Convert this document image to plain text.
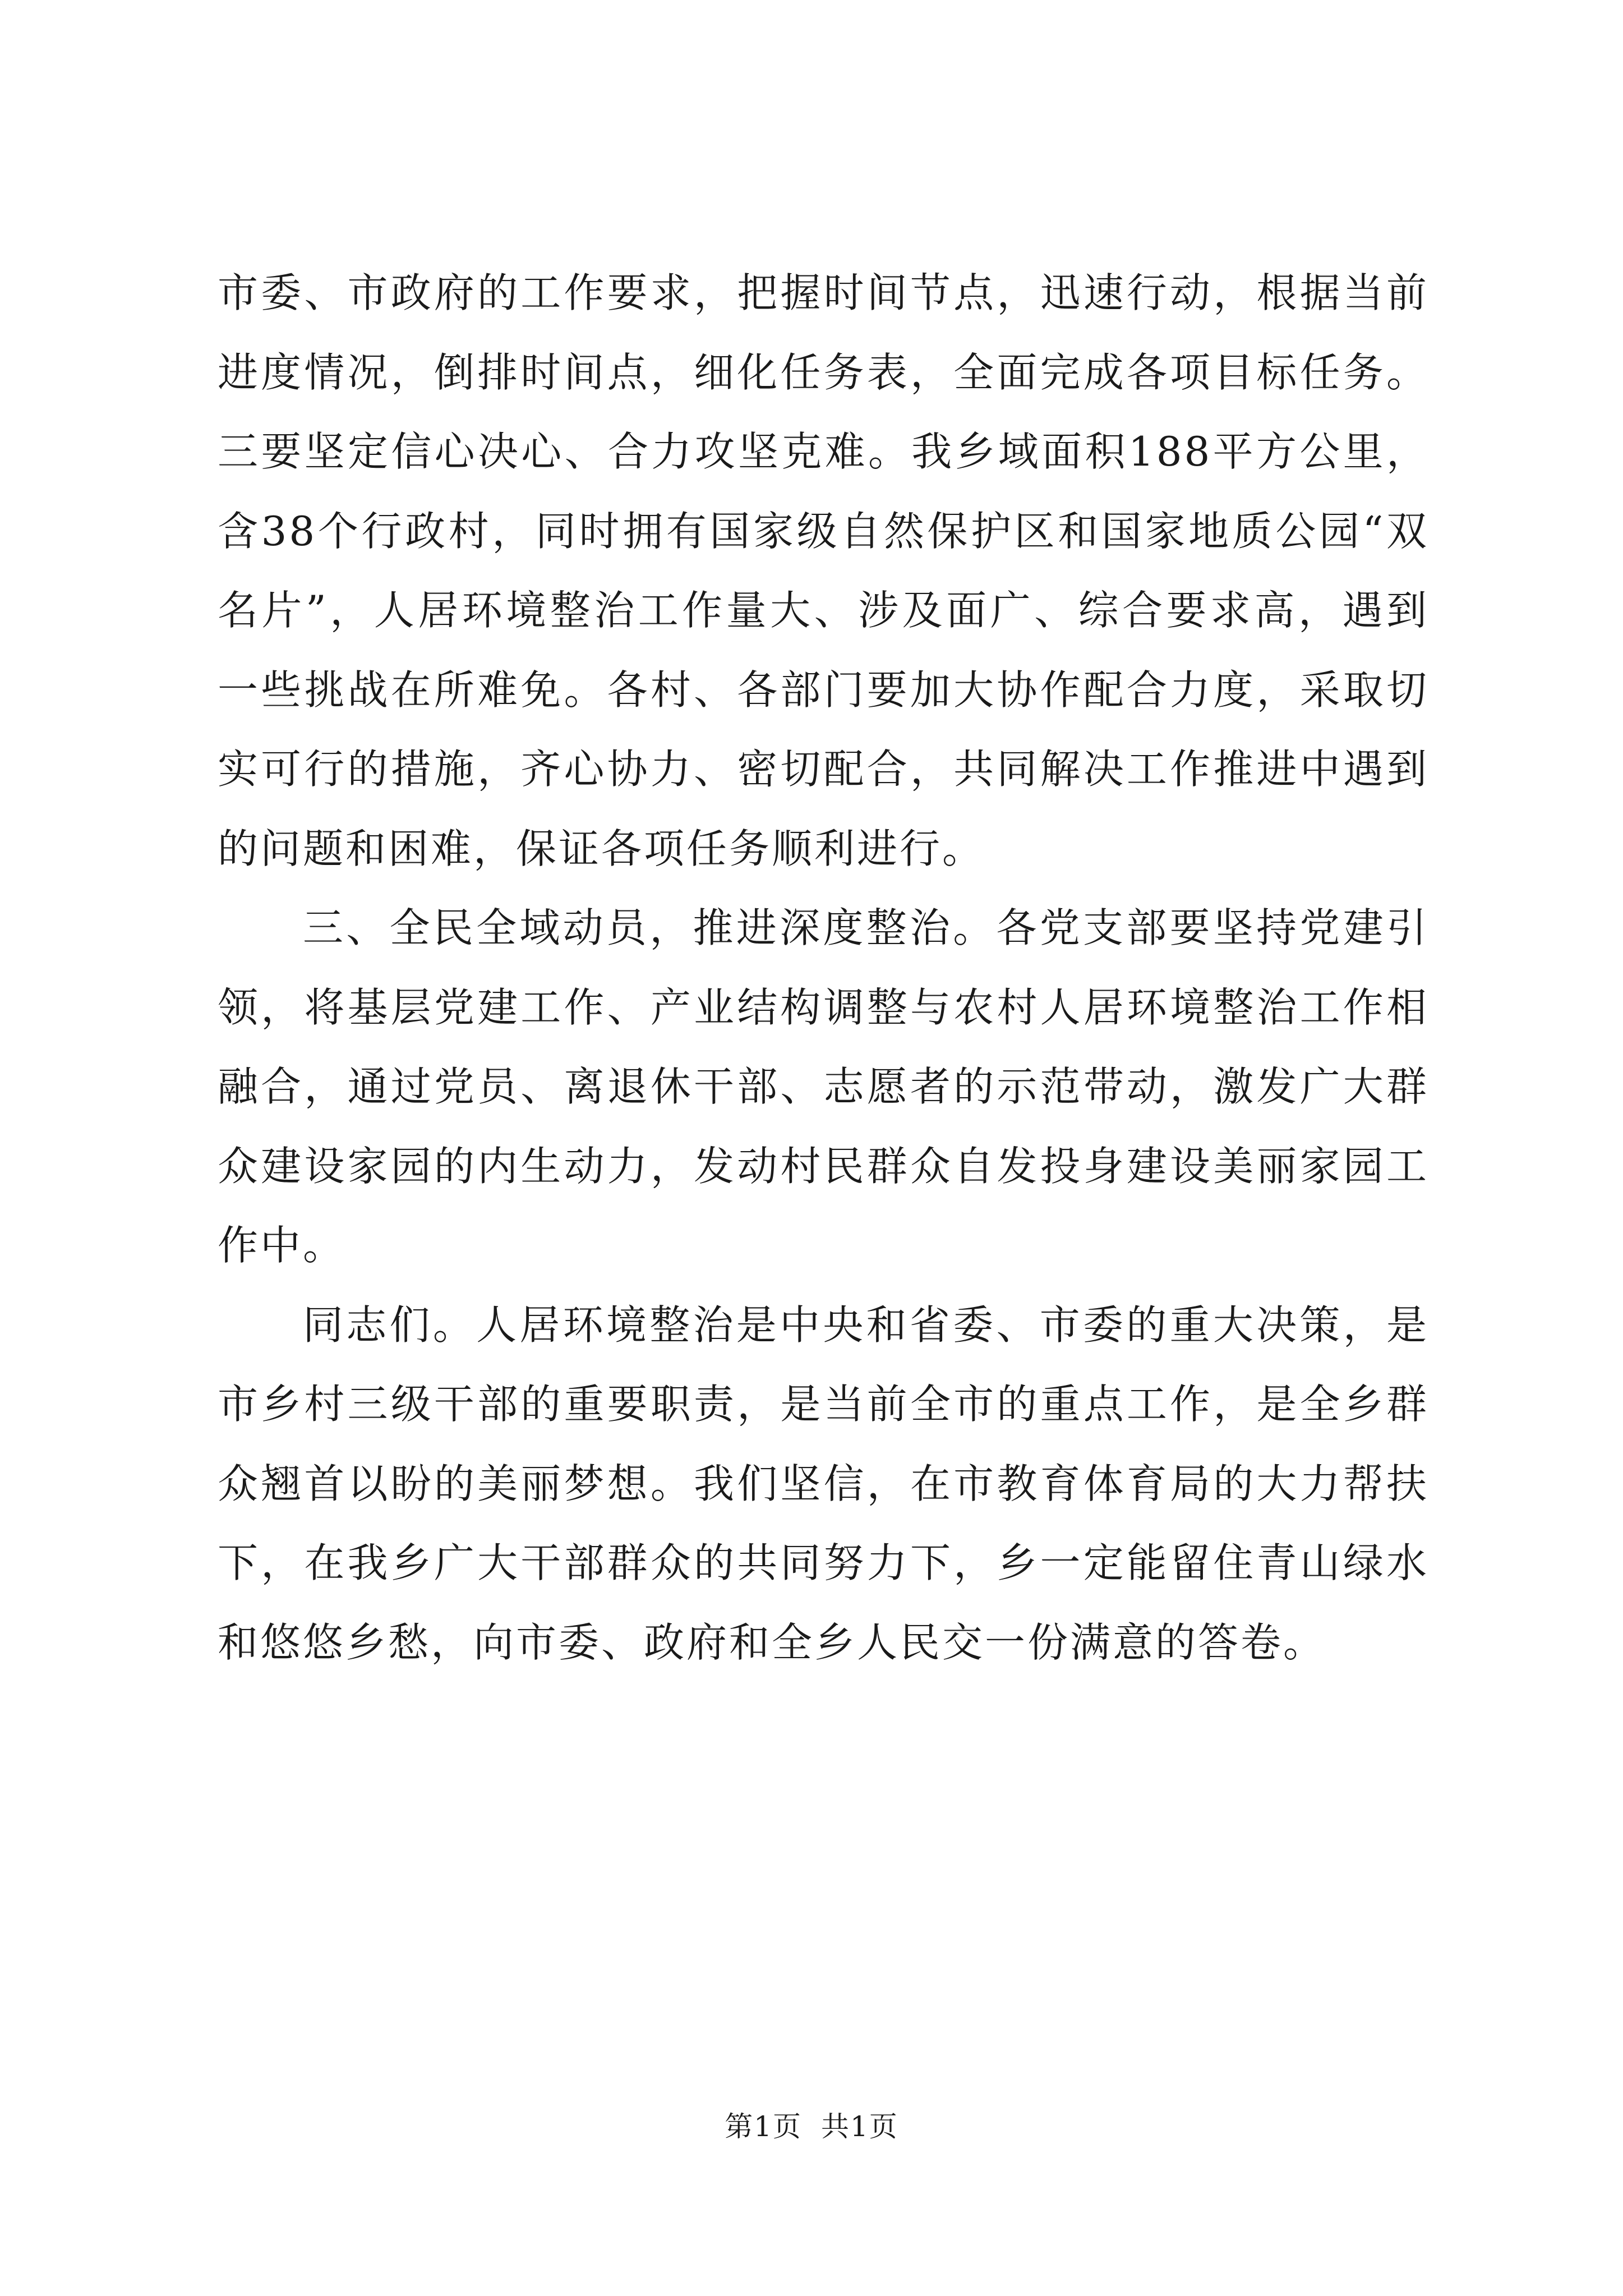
市委、市政府的工作要求，把握时间节点，迅速行动，根据当前进度情况，倒排时间点，细化任务表，全面完成各项目标任务。三要坚定信心决心、合力攻坚克难。我乡域面积188平方公里，含38个行政村，同时拥有国家级自然保护区和国家地质公园“双名片”，人居环境整治工作量大、涉及面广、综合要求高，遇到一些挑战在所难免。各村、各部门要加大协作配合力度，采取切实可行的措施，齐心协力、密切配合，共同解决工作推进中遇到的问题和困难，保证各项任务顺利进行。

三、全民全域动员，推进深度整治。各党支部要坚持党建引领，将基层党建工作、产业结构调整与农村人居环境整治工作相融合，通过党员、离退休干部、志愿者的示范带动，激发广大群众建设家园的内生动力，发动村民群众自发投身建设美丽家园工作中。

同志们。人居环境整治是中央和省委、市委的重大决策，是市乡村三级干部的重要职责，是当前全市的重点工作，是全乡群众翘首以盼的美丽梦想。我们坚信，在市教育体育局的大力帮扶下，在我乡广大干部群众的共同努力下，乡一定能留住青山绿水和悠悠乡愁，向市委、政府和全乡人民交一份满意的答卷。

第1页 共1页
